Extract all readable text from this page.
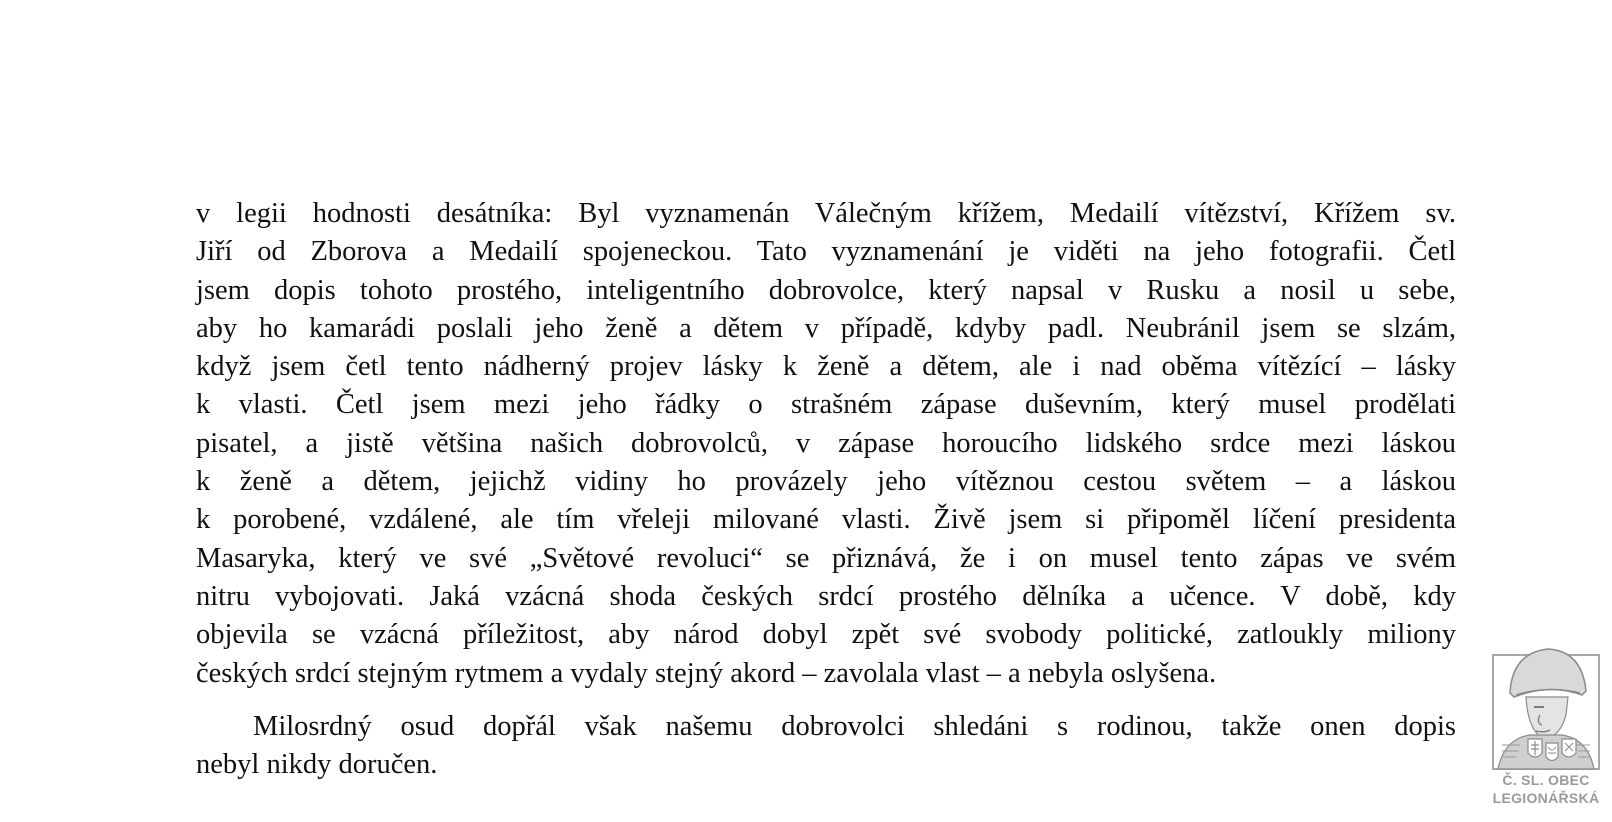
v legii hodnosti desátníka: Byl vyznamenán Válečným křížem, Medailí vítězství, Křížem sv.
Jiří od Zborova a Medailí spojeneckou. Tato vyznamenání je viděti na jeho fotografii. Četl
jsem dopis tohoto prostého, inteligentního dobrovolce, který napsal v Rusku a nosil u sebe,
aby ho kamarádi poslali jeho ženě a dětem v případě, kdyby padl. Neubránil jsem se slzám,
když jsem četl tento nádherný projev lásky k ženě a dětem, ale i nad oběma vítězící – lásky
k vlasti. Četl jsem mezi jeho řádky o strašném zápase duševním, který musel prodělati
pisatel, a jistě většina našich dobrovolců, v zápase horoucího lidského srdce mezi láskou
k ženě a dětem, jejichž vidiny ho provázely jeho vítěznou cestou světem – a láskou
k porobené, vzdálené, ale tím vřeleji milované vlasti. Živě jsem si připoměl líčení presidenta
Masaryka, který ve své „Světové revoluci“ se přiznává, že i on musel tento zápas ve svém
nitru vybojovati. Jaká vzácná shoda českých srdcí prostého dělníka a učence. V době, kdy
objevila se vzácná příležitost, aby národ dobyl zpět své svobody politické, zatloukly miliony
českých srdcí stejným rytmem a vydaly stejný akord – zavolala vlast – a nebyla oslyšena.
Milosrdný osud dopřál však našemu dobrovolci shledáni s rodinou, takže onen dopis
nebyl nikdy doručen.	Č. SL. OBEC
LEGIONÁŘSKÁ
